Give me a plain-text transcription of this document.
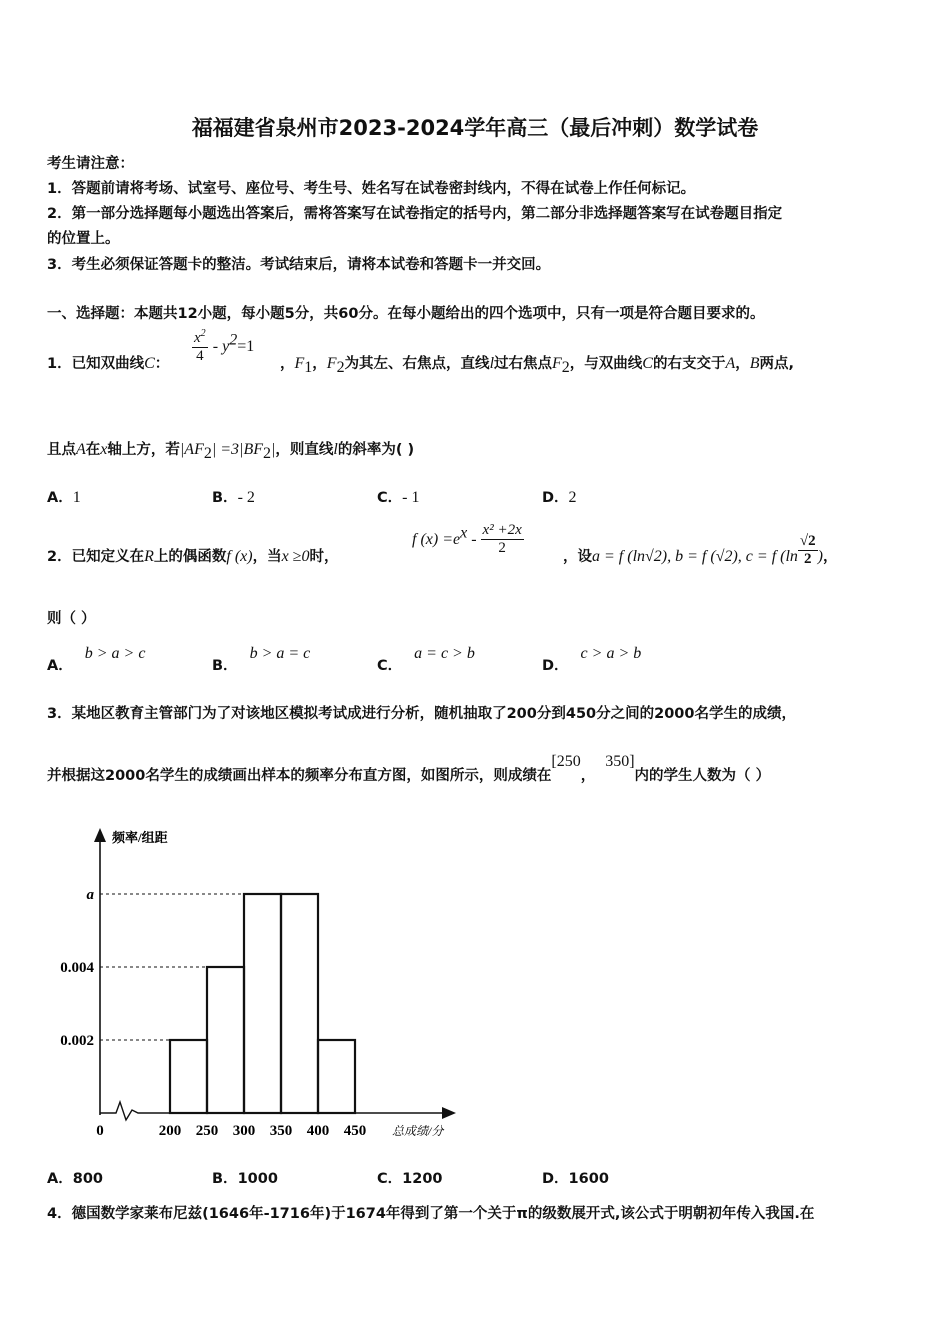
福福建省泉州市2023-2024学年高三（最后冲刺）数学试卷
考生请注意：
1．答题前请将考场、试室号、座位号、考生号、姓名写在试卷密封线内，不得在试卷上作任何标记。
2．第一部分选择题每小题选出答案后，需将答案写在试卷指定的括号内，第二部分非选择题答案写在试卷题目指定
的位置上。
3．考生必须保证答题卡的整洁。考试结束后，请将本试卷和答题卡一并交回。
一、选择题：本题共12小题，每小题5分，共60分。在每小题给出的四个选项中，只有一项是符合题目要求的。
1．已知双曲线C： $\frac{x^2}{4} - y^2=1$
，$F_1$，$F_2$为其左、右焦点，直线l过右焦点$F_2$，与双曲线C的右支交于A，B两点,
且点A在x轴上方，若$|AF_2| =3|BF_2|$，则直线l的斜率为( )
A．1	B．- 2	C．- 1	D．2
2．已知定义在R上的偶函数f (x)，当x ≥0时，
f $(x) =e^x - \frac{\text{x² +2x}}{2}$	，设a = f (ln√2), b = f (√2), c = f ($\ln \frac{√2}{2}$ )，
则（ ）
A．b > a > c
B．b > a = c
C．a = c > b
D．c > a > b
3．某地区教育主管部门为了对该地区模拟考试成进行分析，随机抽取了200分到450分之间的2000名学生的成绩，
并根据这2000名学生的成绩画出样本的频率分布直方图，如图所示，则成绩在[250，350]内的学生人数为（ ）
0.002
0.004
a
200 250 300 350 400 450
0
频率/组距
总成绩/分
A．800	B．1000	C．1200	D．1600
4．德国数学家莱布尼兹(1646年-1716年)于1674年得到了第一个关于π的级数展开式,该公式于明朝初年传入我国.在
